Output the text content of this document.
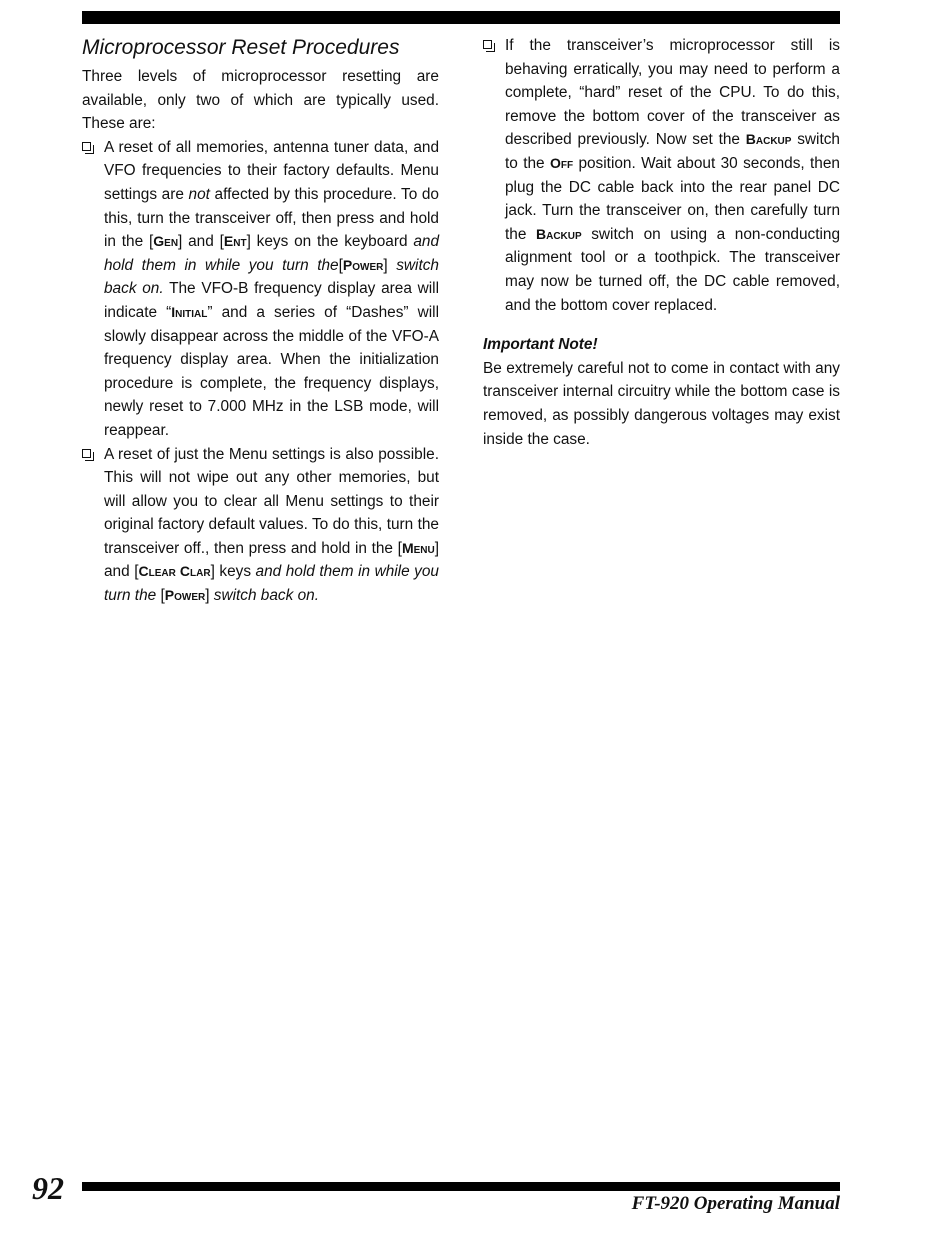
Microprocessor Reset Procedures

Three levels of microprocessor resetting are available, only two of which are typically used. These are:

A reset of all memories, antenna tuner data, and VFO frequencies to their factory defaults. Menu settings are not affected by this procedure. To do this, turn the transceiver off, then press and hold in the [Gen] and [Ent] keys on the keyboard and hold them in while you turn the[Power] switch back on. The VFO-B frequency display area will indicate “Initial” and a series of “Dashes” will slowly disappear across the middle of the VFO-A frequency display area. When the initialization procedure is complete, the frequency displays, newly reset to 7.000 MHz in the LSB mode, will reappear.
A reset of just the Menu settings is also possible. This will not wipe out any other memories, but will allow you to clear all Menu settings to their original factory default values. To do this, turn the transceiver off., then press and hold in the [Menu] and [Clear Clar] keys and hold them in while you turn the [Power] switch back on.
If the transceiver’s microprocessor still is behaving erratically, you may need to perform a complete, “hard” reset of the CPU. To do this, remove the bottom cover of the transceiver as described previously. Now set the Backup switch to the Off position. Wait about 30 seconds, then plug the DC cable back into the rear panel DC jack. Turn the transceiver on, then carefully turn the Backup switch on using a non-conducting alignment tool or a toothpick. The transceiver may now be turned off, the DC cable removed, and the bottom cover replaced.

Important Note!

Be extremely careful not to come in contact with any transceiver internal circuitry while the bottom case is removed, as possibly dangerous voltages may exist inside the case.

92	FT-920 Operating Manual
